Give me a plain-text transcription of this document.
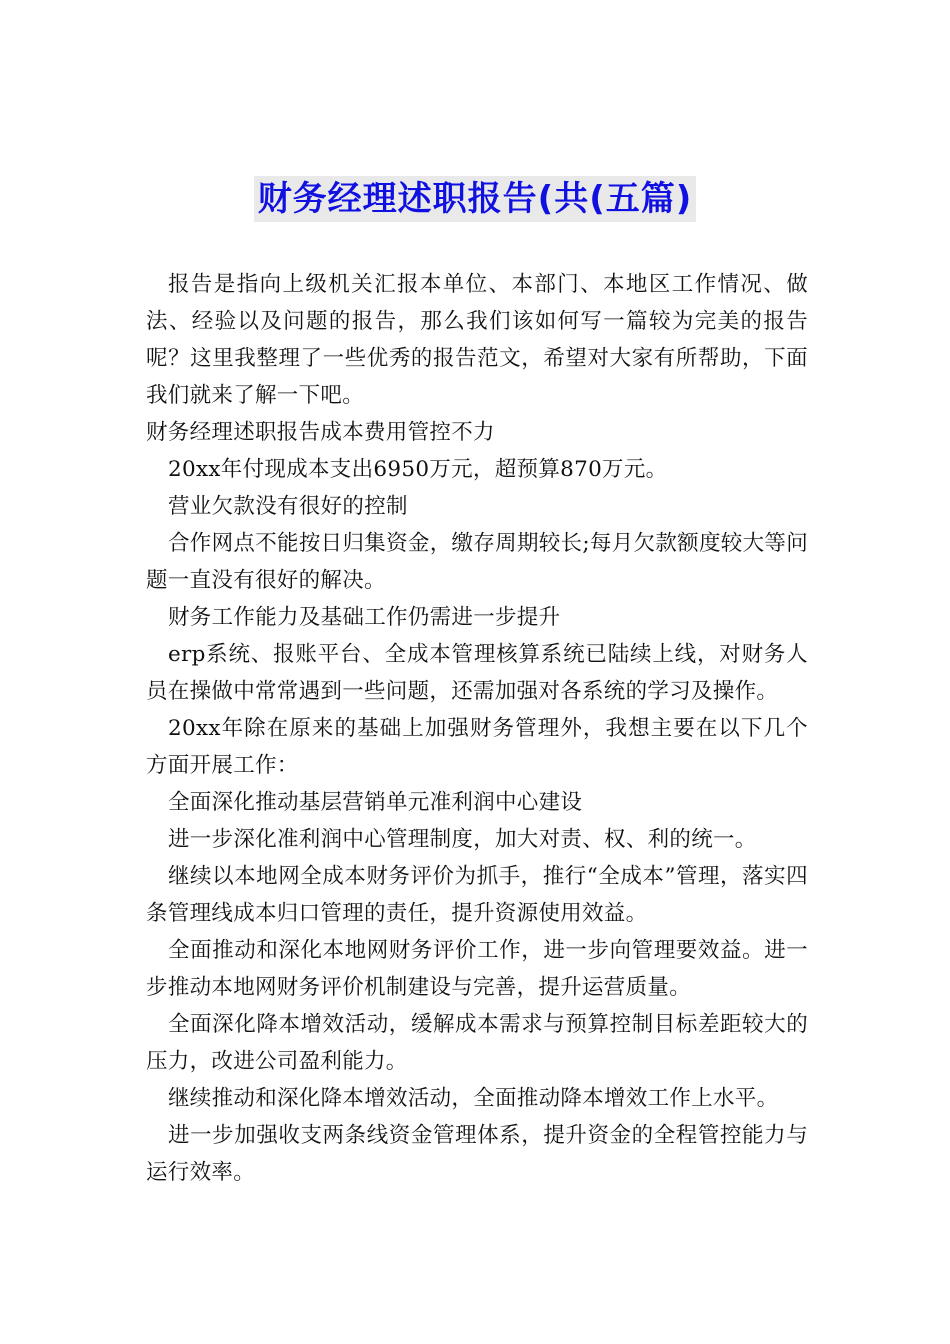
财务经理述职报告(共(五篇)

报告是指向上级机关汇报本单位、本部门、本地区工作情况、做法、经验以及问题的报告，那么我们该如何写一篇较为完美的报告呢？这里我整理了一些优秀的报告范文，希望对大家有所帮助，下面我们就来了解一下吧。

财务经理述职报告成本费用管控不力

20xx年付现成本支出6950万元，超预算870万元。

营业欠款没有很好的控制

合作网点不能按日归集资金，缴存周期较长;每月欠款额度较大等问题一直没有很好的解决。

财务工作能力及基础工作仍需进一步提升

erp系统、报账平台、全成本管理核算系统已陆续上线，对财务人员在操做中常常遇到一些问题，还需加强对各系统的学习及操作。

20xx年除在原来的基础上加强财务管理外，我想主要在以下几个方面开展工作：

全面深化推动基层营销单元准利润中心建设

进一步深化准利润中心管理制度，加大对责、权、利的统一。

继续以本地网全成本财务评价为抓手，推行“全成本”管理，落实四条管理线成本归口管理的责任，提升资源使用效益。

全面推动和深化本地网财务评价工作，进一步向管理要效益。进一步推动本地网财务评价机制建设与完善，提升运营质量。

全面深化降本增效活动，缓解成本需求与预算控制目标差距较大的压力，改进公司盈利能力。

继续推动和深化降本增效活动，全面推动降本增效工作上水平。

进一步加强收支两条线资金管理体系，提升资金的全程管控能力与运行效率。
